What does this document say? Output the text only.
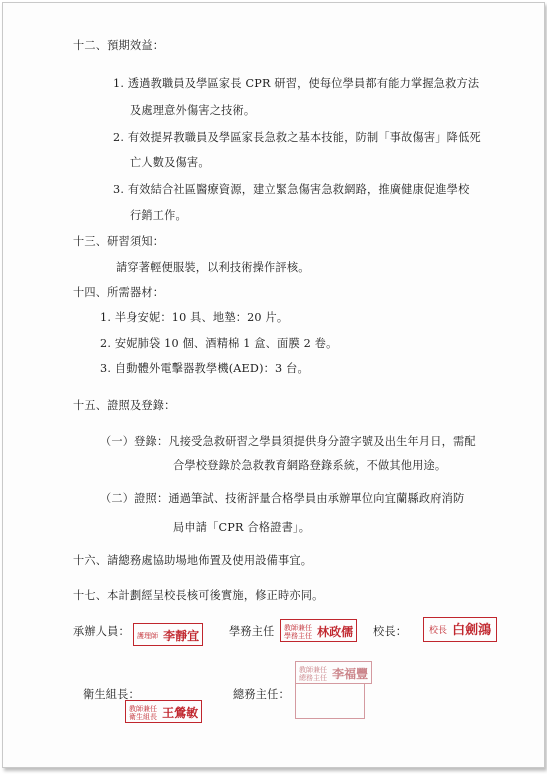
十二、預期效益：
1. 透過教職員及學區家長 CPR 研習，使每位學員都有能力掌握急救方法
及處理意外傷害之技術。
2. 有效提昇教職員及學區家長急救之基本技能，防制「事故傷害」降低死
亡人數及傷害。
3. 有效結合社區醫療資源，建立緊急傷害急救網路，推廣健康促進學校
行銷工作。
十三、研習須知：
請穿著輕便服裝，以利技術操作評核。
十四、所需器材：
1. 半身安妮：10 具、地墊：20 片。
2. 安妮肺袋 10 個、酒精棉 1 盒、面膜 2 卷。
3. 自動體外電擊器教學機(AED)：3 台。
十五、證照及登錄：
（一）登錄：凡接受急救研習之學員須提供身分證字號及出生年月日，需配
合學校登錄於急救教育網路登錄系統，不做其他用途。
（二）證照：通過筆試、技術評量合格學員由承辦單位向宜蘭縣政府消防
局申請「CPR 合格證書」。
十六、請總務處協助場地佈置及使用設備事宜。
十七、本計劃經呈校長核可後實施，修正時亦同。
承辦人員：	護理師 李靜宜	學務主任	教師兼任
學務主任 林政儒	校長：	校長 白劍鴻
衛生組長：
教師兼任
衛生組長 王鶯敏
總務主任：
教師兼任
總務主任 李福豐
